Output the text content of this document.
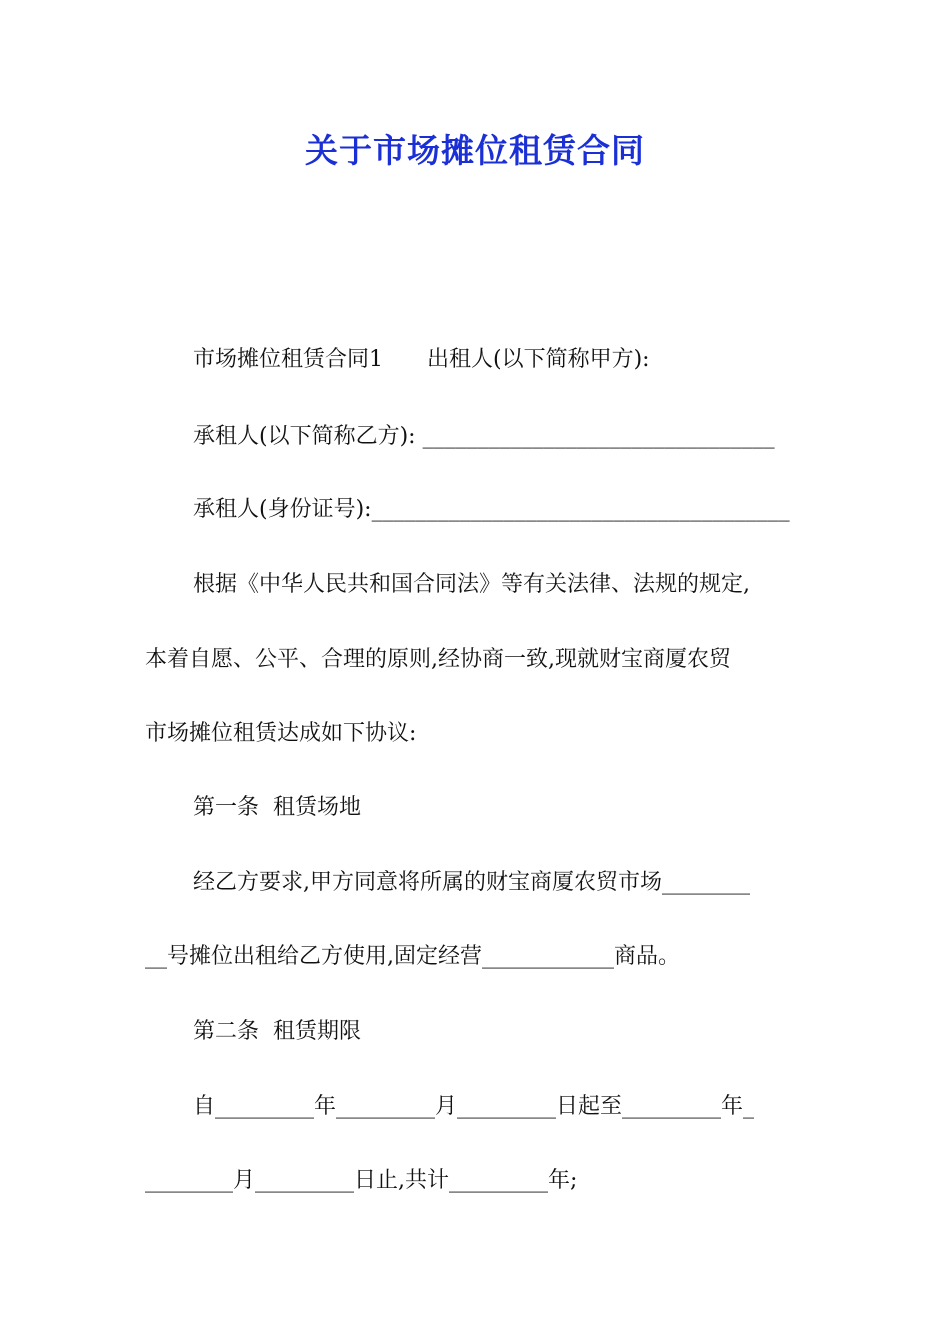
关于市场摊位租赁合同

市场摊位租赁合同1　　出租人(以下简称甲方):

承租人(以下简称乙方): ________________________________

承租人(身份证号):______________________________________

根据《中华人民共和国合同法》等有关法律、法规的规定,

本着自愿、公平、合理的原则,经协商一致,现就财宝商厦农贸

市场摊位租赁达成如下协议:

第一条  租赁场地

经乙方要求,甲方同意将所属的财宝商厦农贸市场________

__号摊位出租给乙方使用,固定经营____________商品。

第二条  租赁期限

自_________年_________月_________日起至_________年_

________月_________日止,共计_________年;
